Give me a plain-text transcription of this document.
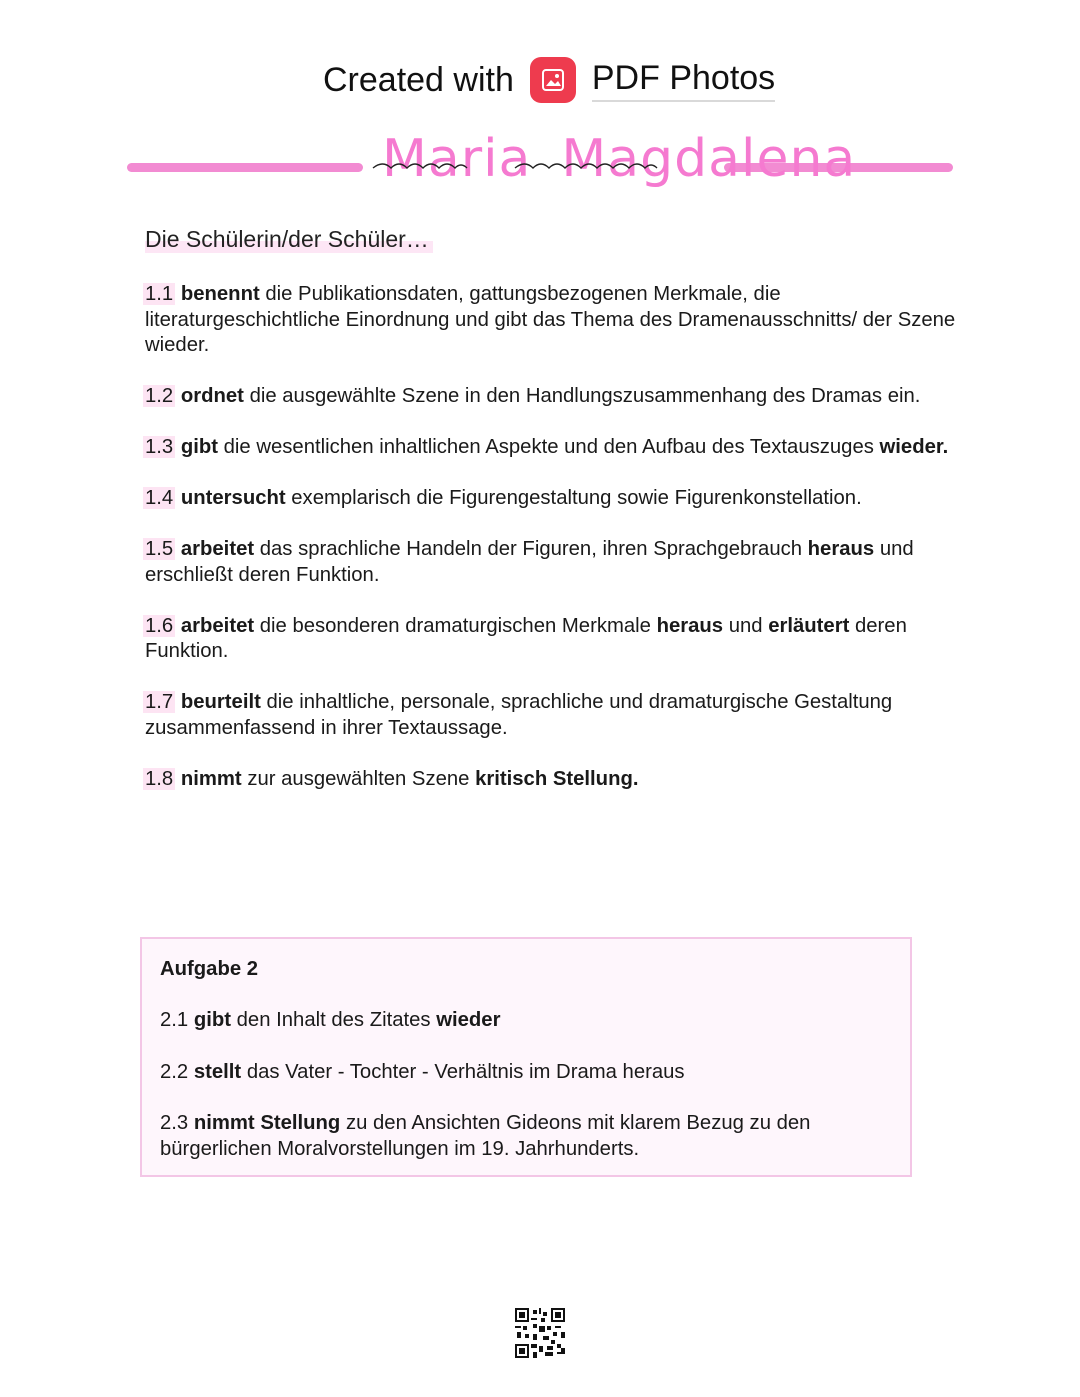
Created with PDF Photos
Maria Magdalena
Die Schülerin/der Schüler…
1.1 benennt die Publikationsdaten, gattungsbezogenen Merkmale, die literaturgeschichtliche Einordnung und gibt das Thema des Dramenausschnitts/ der Szene wieder.
1.2 ordnet die ausgewählte Szene in den Handlungszusammenhang des Dramas ein.
1.3 gibt die wesentlichen inhaltlichen Aspekte und den Aufbau des Textauszuges wieder.
1.4 untersucht exemplarisch die Figurengestaltung sowie Figurenkonstellation.
1.5 arbeitet das sprachliche Handeln der Figuren, ihren Sprachgebrauch heraus und erschließt deren Funktion.
1.6 arbeitet die besonderen dramaturgischen Merkmale heraus und erläutert deren Funktion.
1.7 beurteilt die inhaltliche, personale, sprachliche und dramaturgische Gestaltung zusammenfassend in ihrer Textaussage.
1.8 nimmt zur ausgewählten Szene kritisch Stellung.
Aufgabe 2
2.1 gibt den Inhalt des Zitates wieder
2.2 stellt das Vater - Tochter - Verhältnis im Drama heraus
2.3 nimmt Stellung zu den Ansichten Gideons mit klarem Bezug zu den bürgerlichen Moralvorstellungen im 19. Jahrhunderts.
